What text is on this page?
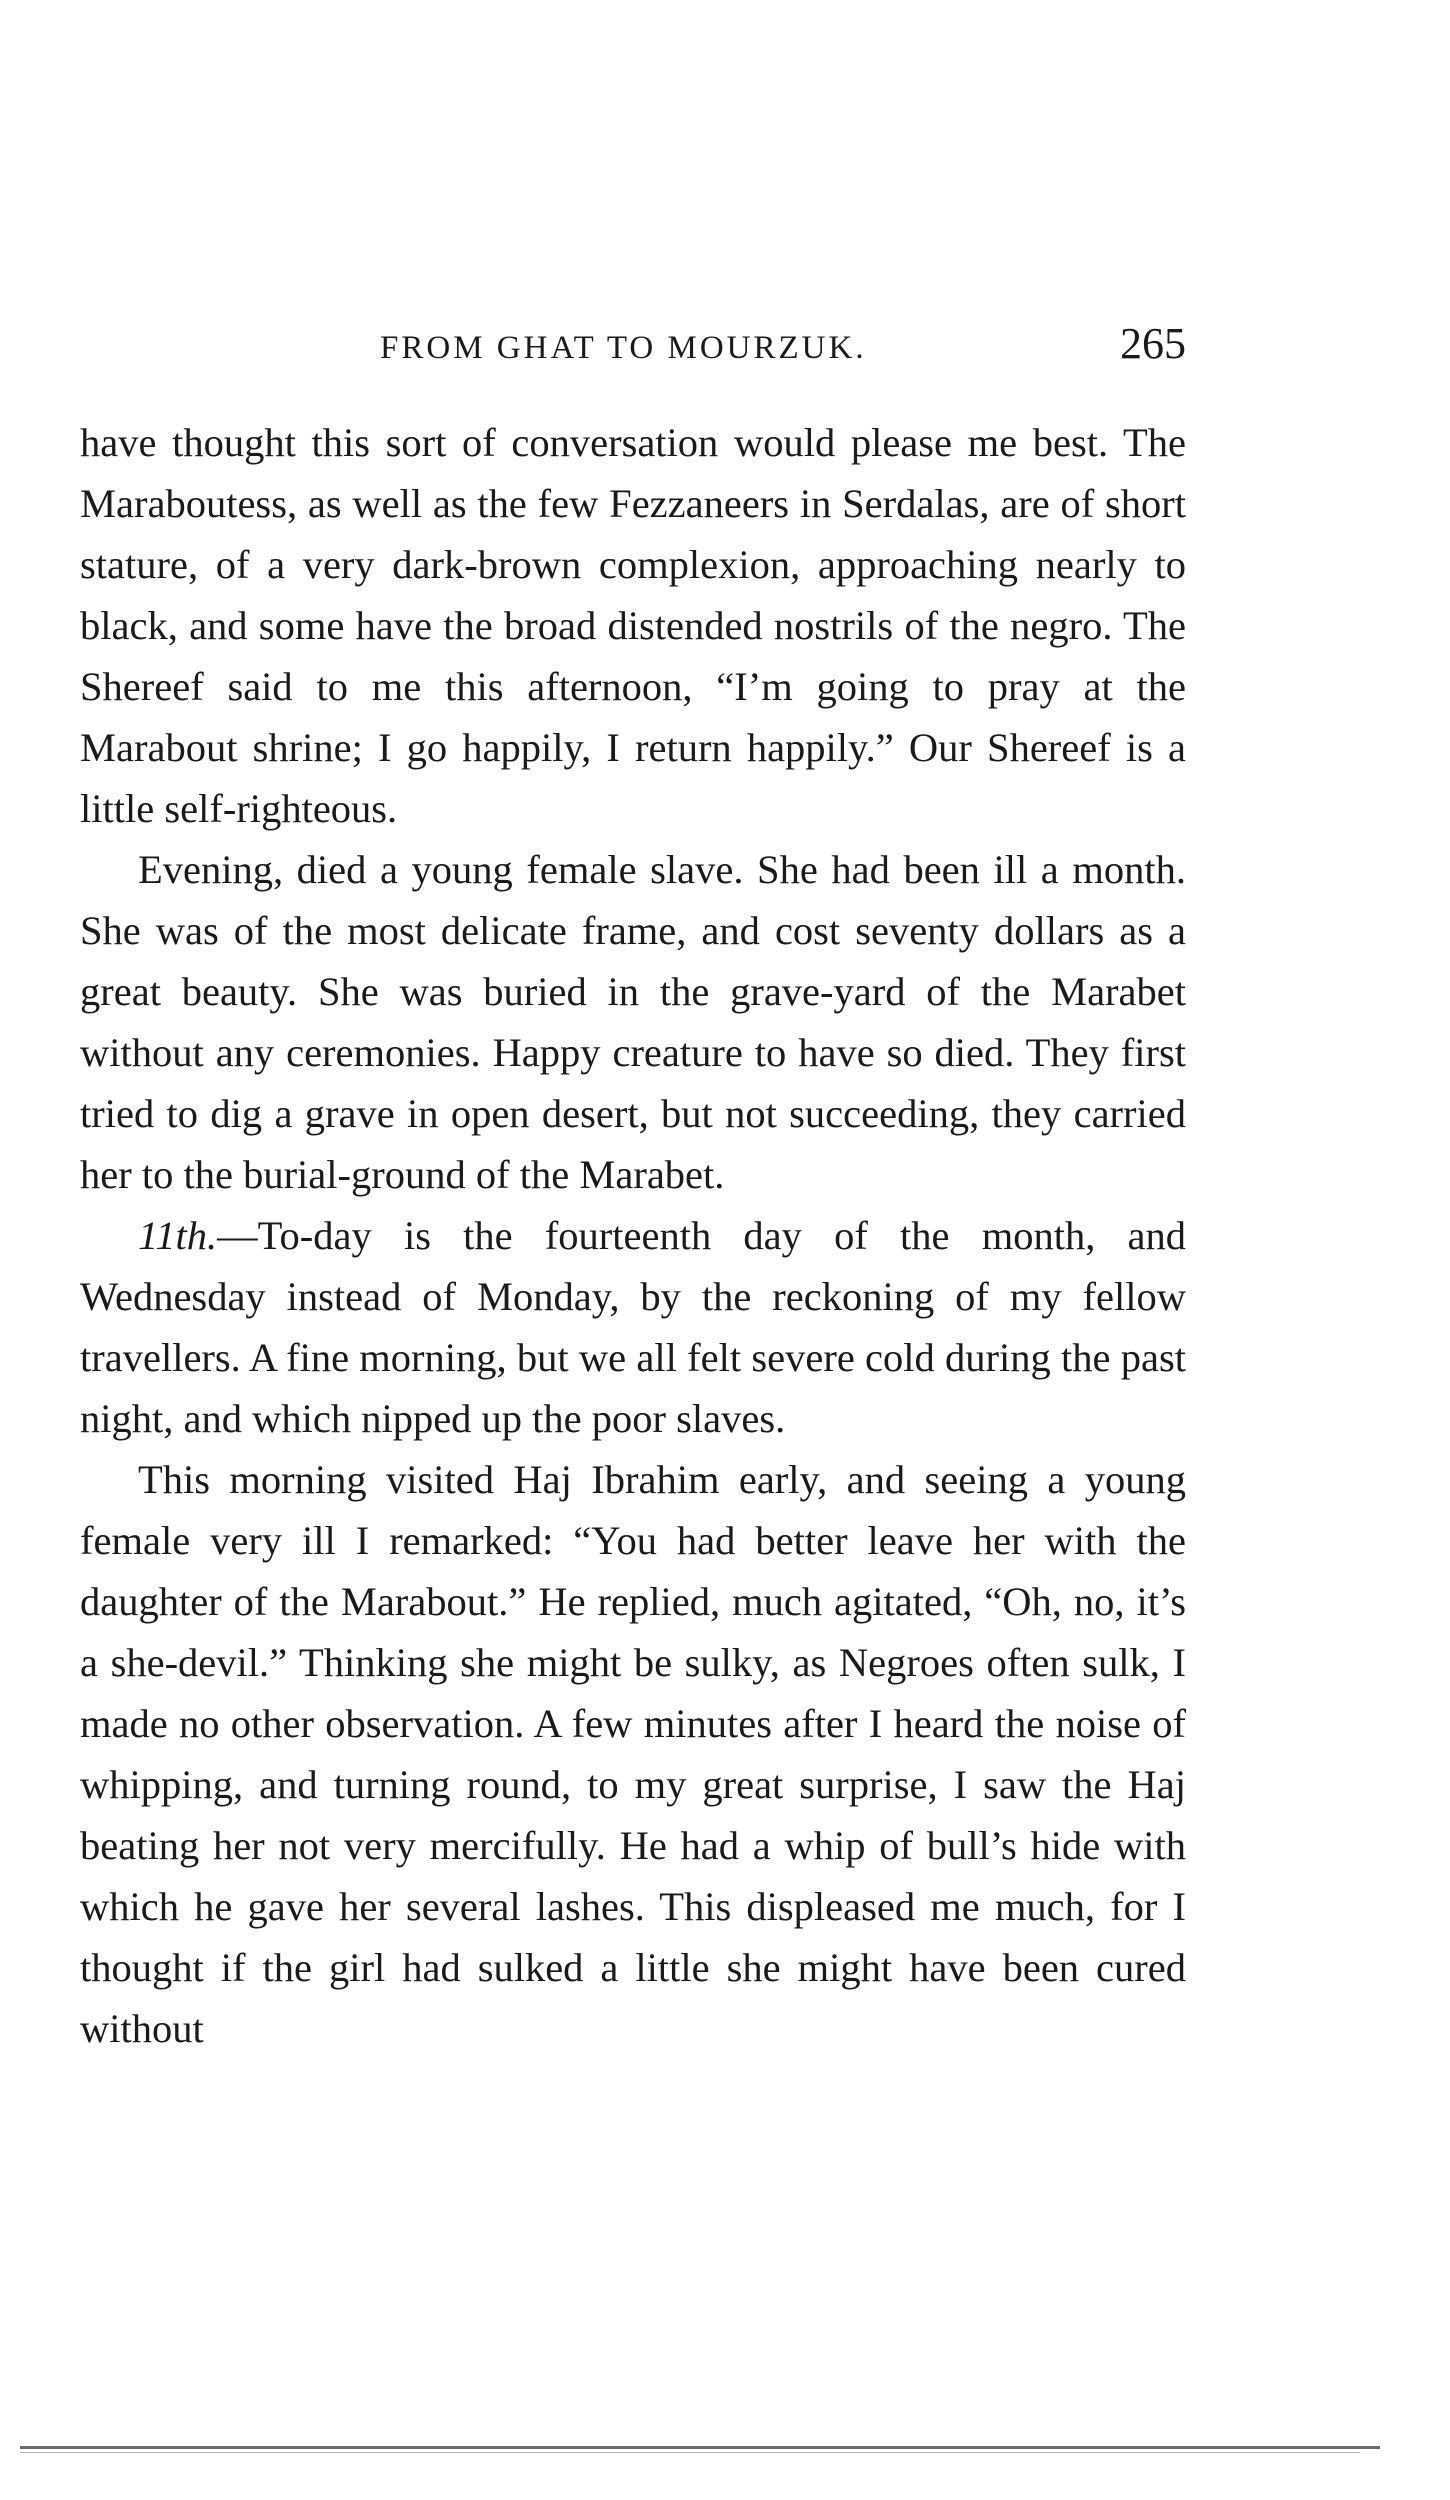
FROM GHAT TO MOURZUK.	265

have thought this sort of conversation would please me best. The Maraboutess, as well as the few Fezzaneers in Serdalas, are of short stature, of a very dark-brown complexion, approaching nearly to black, and some have the broad distended nostrils of the negro. The Shereef said to me this afternoon, “I’m going to pray at the Marabout shrine; I go happily, I return happily.” Our Shereef is a little self-righteous.

Evening, died a young female slave. She had been ill a month. She was of the most delicate frame, and cost seventy dollars as a great beauty. She was buried in the grave-yard of the Marabet without any ceremonies. Happy creature to have so died. They first tried to dig a grave in open desert, but not succeeding, they carried her to the burial-ground of the Marabet.

11th.—To-day is the fourteenth day of the month, and Wednesday instead of Monday, by the reckoning of my fellow travellers. A fine morning, but we all felt severe cold during the past night, and which nipped up the poor slaves.

This morning visited Haj Ibrahim early, and seeing a young female very ill I remarked: “You had better leave her with the daughter of the Marabout.” He replied, much agitated, “Oh, no, it’s a she-devil.” Thinking she might be sulky, as Negroes often sulk, I made no other observation. A few minutes after I heard the noise of whipping, and turning round, to my great surprise, I saw the Haj beating her not very mercifully. He had a whip of bull’s hide with which he gave her several lashes. This displeased me much, for I thought if the girl had sulked a little she might have been cured without
